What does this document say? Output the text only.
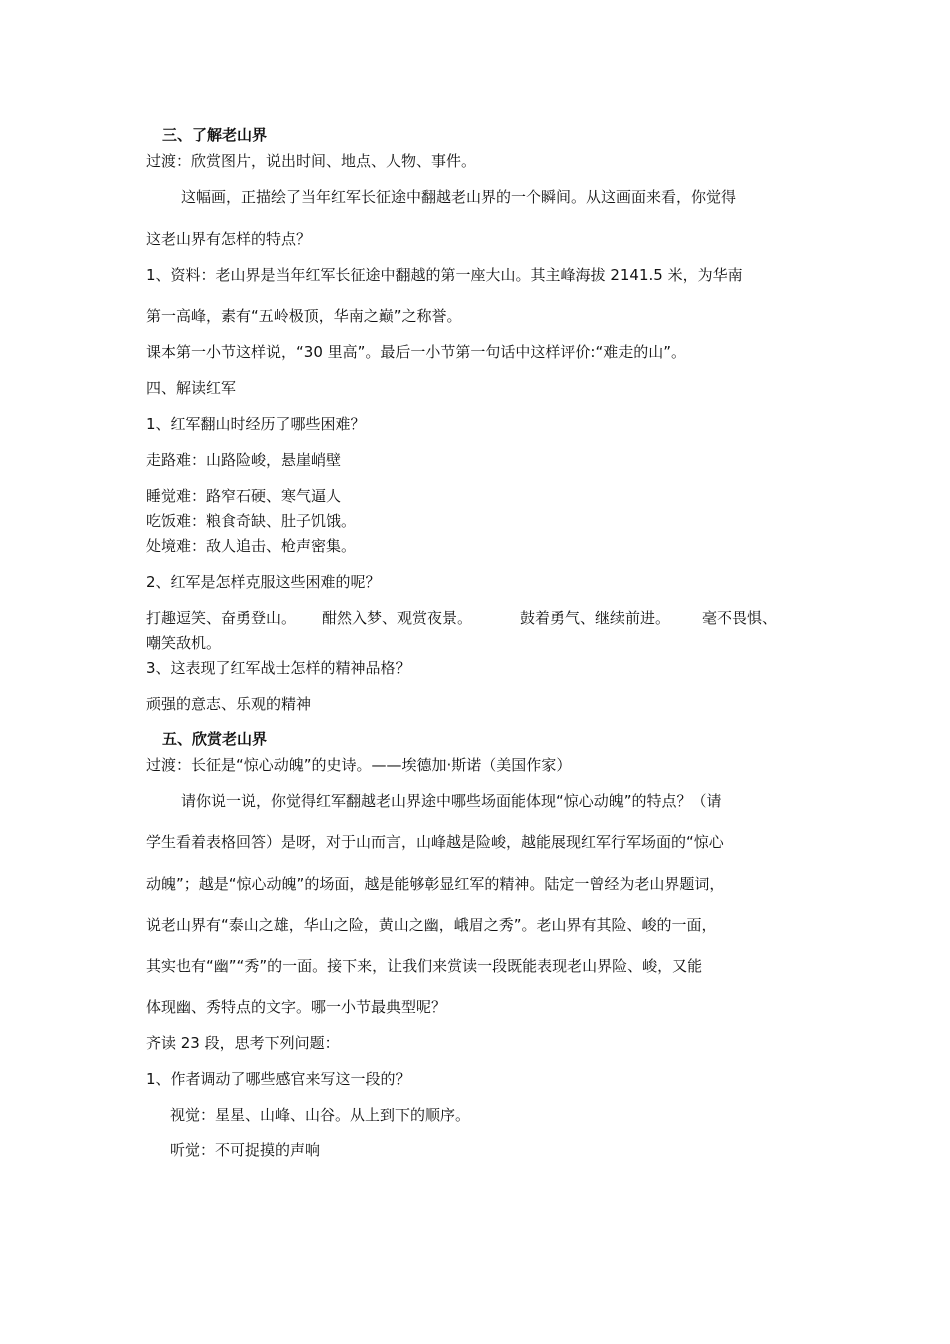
三、了解老山界
过渡：欣赏图片，说出时间、地点、人物、事件。
这幅画，正描绘了当年红军长征途中翻越老山界的一个瞬间。从这画面来看，你觉得
这老山界有怎样的特点？
1、资料：老山界是当年红军长征途中翻越的第一座大山。其主峰海拔 2141.5 米，为华南
第一高峰，素有“五岭极顶，华南之巅”之称誉。
课本第一小节这样说，“30 里高”。最后一小节第一句话中这样评价:“难走的山”。
四、解读红军
1、红军翻山时经历了哪些困难？
走路难：山路险峻，悬崖峭壁
睡觉难：路窄石硬、寒气逼人
吃饭难：粮食奇缺、肚子饥饿。
处境难：敌人追击、枪声密集。
2、红军是怎样克服这些困难的呢？
打趣逗笑、奋勇登山。 酣然入梦、观赏夜景。	鼓着勇气、继续前进。 毫不畏惧、
嘲笑敌机。
3、这表现了红军战士怎样的精神品格？
顽强的意志、乐观的精神
五、欣赏老山界
过渡：长征是“惊心动魄”的史诗。——埃德加·斯诺（美国作家）
请你说一说，你觉得红军翻越老山界途中哪些场面能体现“惊心动魄”的特点？（请
学生看着表格回答）是呀，对于山而言，山峰越是险峻，越能展现红军行军场面的“惊心
动魄”；越是“惊心动魄”的场面，越是能够彰显红军的精神。陆定一曾经为老山界题词，
说老山界有“泰山之雄，华山之险，黄山之幽，峨眉之秀”。老山界有其险、峻的一面，
其实也有“幽”“秀”的一面。接下来，让我们来赏读一段既能表现老山界险、峻，又能
体现幽、秀特点的文字。哪一小节最典型呢？
齐读 23 段，思考下列问题：
1、作者调动了哪些感官来写这一段的？
视觉：星星、山峰、山谷。从上到下的顺序。
听觉：不可捉摸的声响
